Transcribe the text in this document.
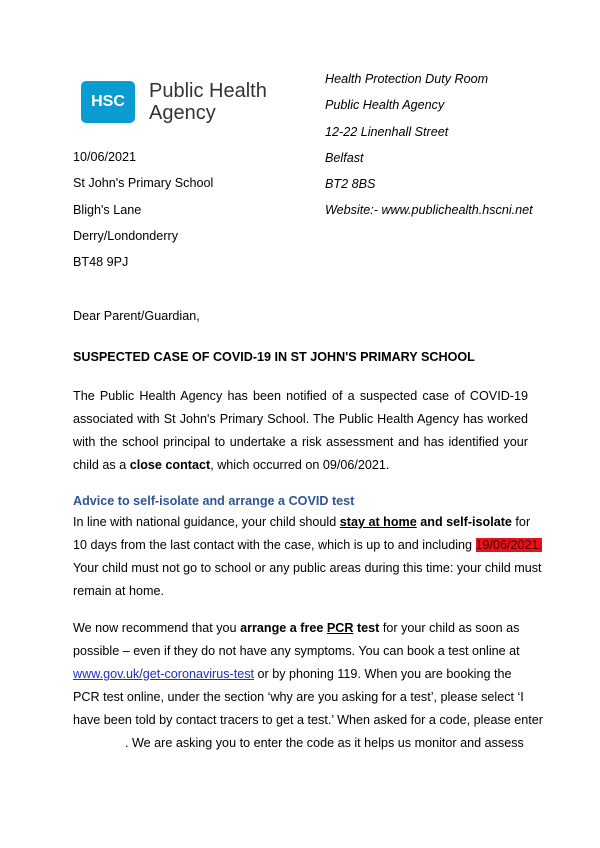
HSC Public Health
Agency
Health Protection Duty Room
Public Health Agency
12-22 Linenhall Street
Belfast
BT2 8BS
Website:- www.publichealth.hscni.net
10/06/2021
St John's Primary School
Bligh's Lane
Derry/Londonderry
BT48 9PJ
Dear Parent/Guardian,
SUSPECTED CASE OF COVID-19 IN ST JOHN'S PRIMARY SCHOOL
The Public Health Agency has been notified of a suspected case of COVID-19 associated with St John's Primary School. The Public Health Agency has worked with the school principal to undertake a risk assessment and has identified your child as a close contact, which occurred on 09/06/2021.
Advice to self-isolate and arrange a COVID test
In line with national guidance, your child should stay at home and self-isolate for
10 days from the last contact with the case, which is up to and including 19/06/2021.
Your child must not go to school or any public areas during this time: your child must
remain at home.
We now recommend that you arrange a free PCR test for your child as soon as
possible – even if they do not have any symptoms. You can book a test online at
www.gov.uk/get-coronavirus-test or by phoning 119. When you are booking the
PCR test online, under the section ‘why are you asking for a test’, please select ‘I
have been told by contact tracers to get a test.’ When asked for a code, please enter
. We are asking you to enter the code as it helps us monitor and assess
